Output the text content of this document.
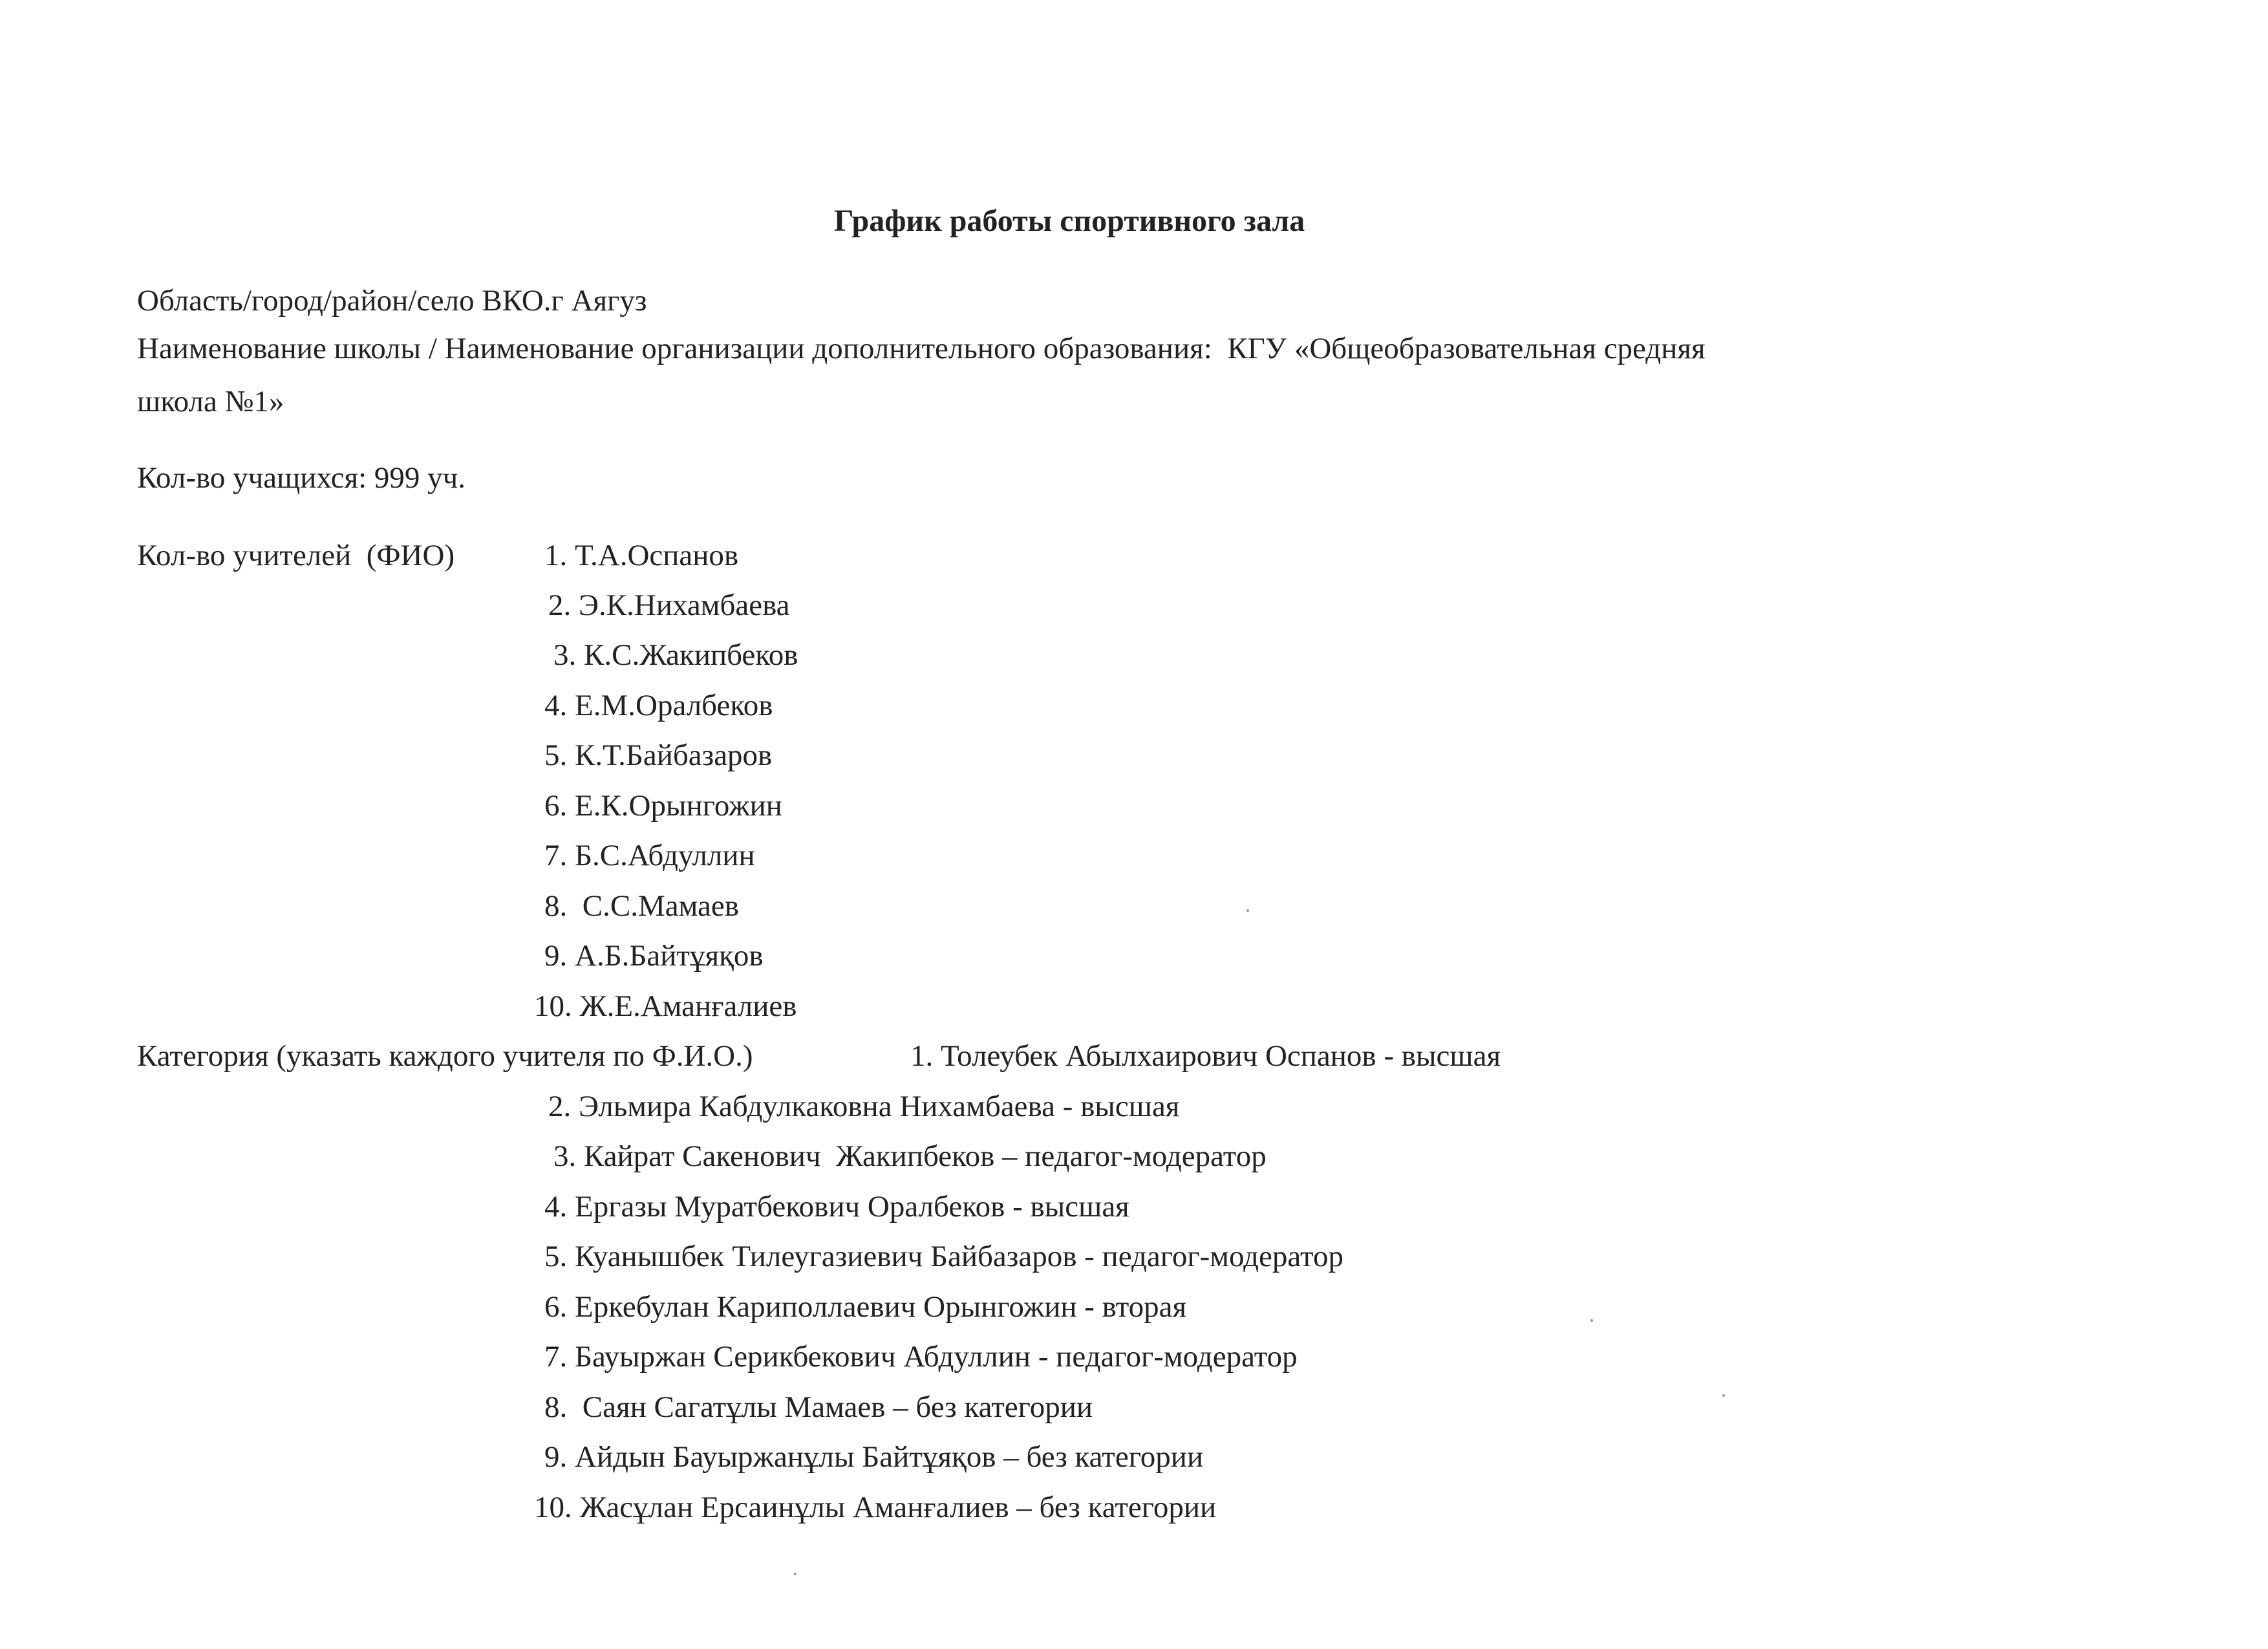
График работы спортивного зала
Область/город/район/село ВКО.г Аягуз
Наименование школы / Наименование организации дополнительного образования:  КГУ «Общеобразовательная средняя
школа №1»
Кол-во учащихся: 999 уч.
Кол-во учителей  (ФИО)	1. Т.А.Оспанов
2. Э.К.Нихамбаева
3. К.С.Жакипбеков
4. Е.М.Оралбеков
5. К.Т.Байбазаров
6. Е.К.Орынгожин
7. Б.С.Абдуллин
8.  С.С.Мамаев
9. А.Б.Байтұяқов
10. Ж.Е.Аманғалиев
Категория (указать каждого учителя по Ф.И.О.)	1. Толеубек Абылхаирович Оспанов - высшая
2. Эльмира Кабдулкаковна Нихамбаева - высшая
3. Кайрат Сакенович  Жакипбеков – педагог-модератор
4. Ергазы Муратбекович Оралбеков - высшая
5. Куанышбек Тилеугазиевич Байбазаров - педагог-модератор
6. Еркебулан Кариполлаевич Орынгожин - вторая
7. Бауыржан Серикбекович Абдуллин - педагог-модератор
8.  Саян Сагатұлы Мамаев – без категории
9. Айдын Бауыржанұлы Байтұяқов – без категории
10. Жасұлан Ерсаинұлы Аманғалиев – без категории
